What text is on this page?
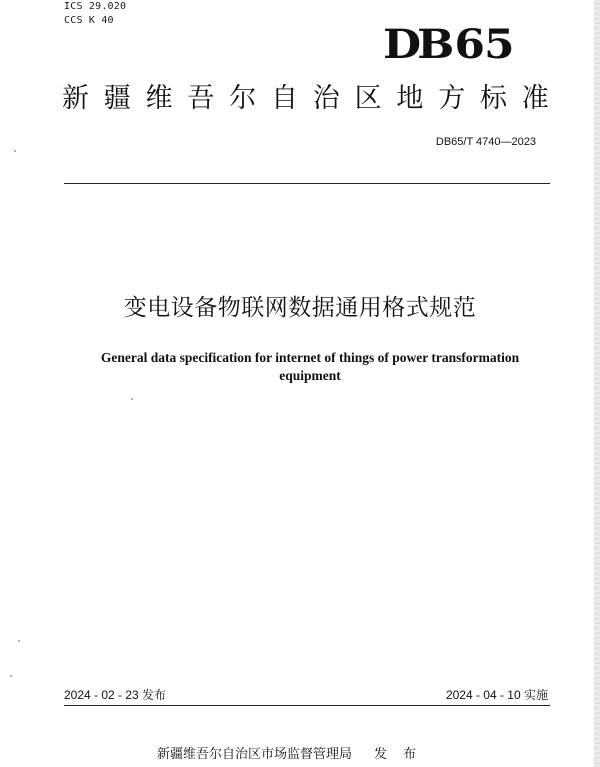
ICS 29.020
CCS K 40
DB65
新疆维吾尔自治区地方标准
DB65/T 4740—2023
变电设备物联网数据通用格式规范
General data specification for internet of things of power transformation
equipment
2024 - 02 - 23 发布	2024 - 04 - 10 实施
新疆维吾尔自治区市场监督管理局 发 布
